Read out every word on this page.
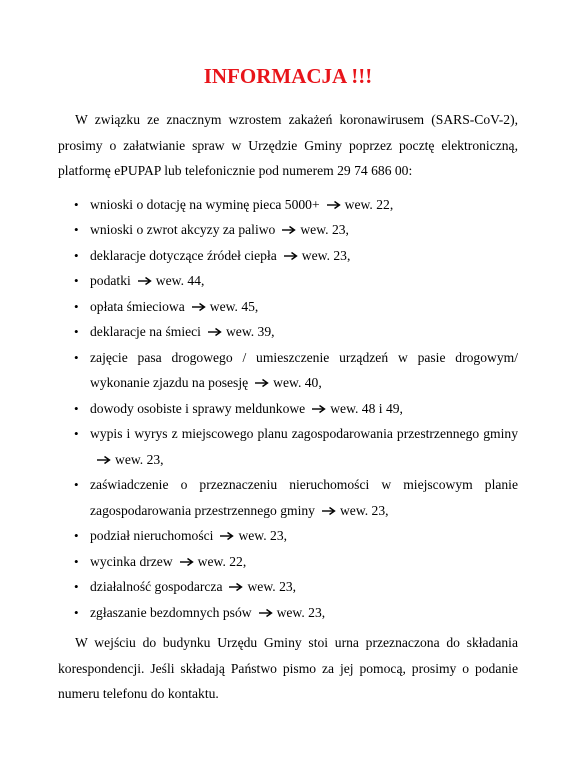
INFORMACJA !!!

W związku ze znacznym wzrostem zakażeń koronawirusem (SARS-CoV-2), prosimy o załatwianie spraw w Urzędzie Gminy poprzez pocztę elektroniczną, platformę ePUPAP lub telefonicznie pod numerem 29 74 686 00:

• wnioski o dotację na wyminę pieca 5000+ wew. 22,
• wnioski o zwrot akcyzy za paliwo wew. 23,
• deklaracje dotyczące źródeł ciepła wew. 23,
• podatki wew. 44,
• opłata śmieciowa wew. 45,
• deklaracje na śmieci wew. 39,
• zajęcie pasa drogowego / umieszczenie urządzeń w pasie drogowym/ wykonanie zjazdu na posesję wew. 40,
• dowody osobiste i sprawy meldunkowe wew. 48 i 49,
• wypis i wyrys z miejscowego planu zagospodarowania przestrzennego gminywew. 23,
• zaświadczenie o przeznaczeniu nieruchomości w miejscowym planie zagospodarowania przestrzennego gminy wew. 23,
• podział nieruchomości wew. 23,
• wycinka drzew wew. 22,
• działalność gospodarcza wew. 23,
• zgłaszanie bezdomnych psów wew. 23,

W wejściu do budynku Urzędu Gminy stoi urna przeznaczona do składania korespondencji. Jeśli składają Państwo pismo za jej pomocą, prosimy o podanie numeru telefonu do kontaktu.
